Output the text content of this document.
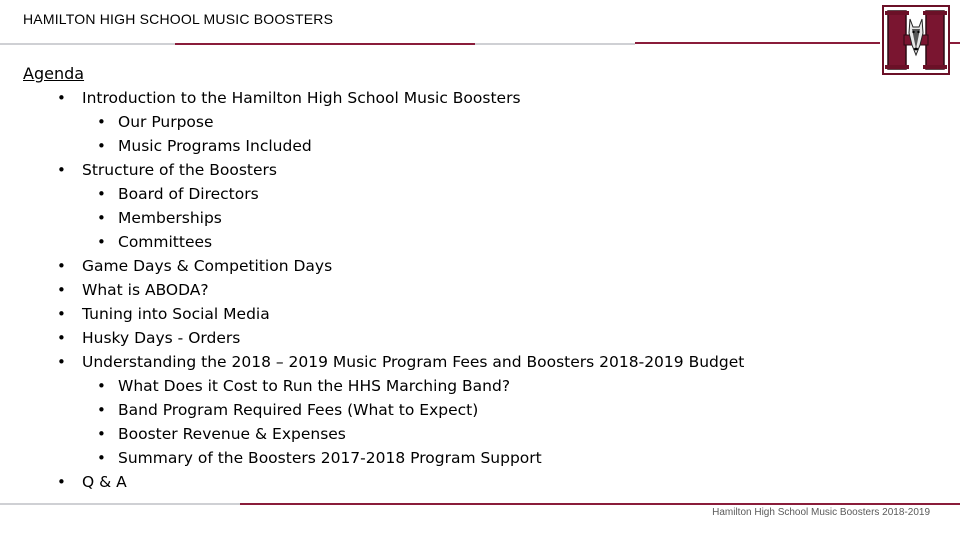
HAMILTON HIGH SCHOOL MUSIC BOOSTERS
Agenda
• Introduction to the Hamilton High School Music Boosters
• Our Purpose
• Music Programs Included
• Structure of the Boosters
• Board of Directors
• Memberships
• Committees
• Game Days & Competition Days
• What is ABODA?
• Tuning into Social Media
• Husky Days - Orders
• Understanding the 2018 – 2019 Music Program Fees and Boosters 2018-2019 Budget
• What Does it Cost to Run the HHS Marching Band?
• Band Program Required Fees (What to Expect)
• Booster Revenue & Expenses
• Summary of the Boosters 2017-2018 Program Support
• Q & A
Hamilton High School Music Boosters 2018-2019
